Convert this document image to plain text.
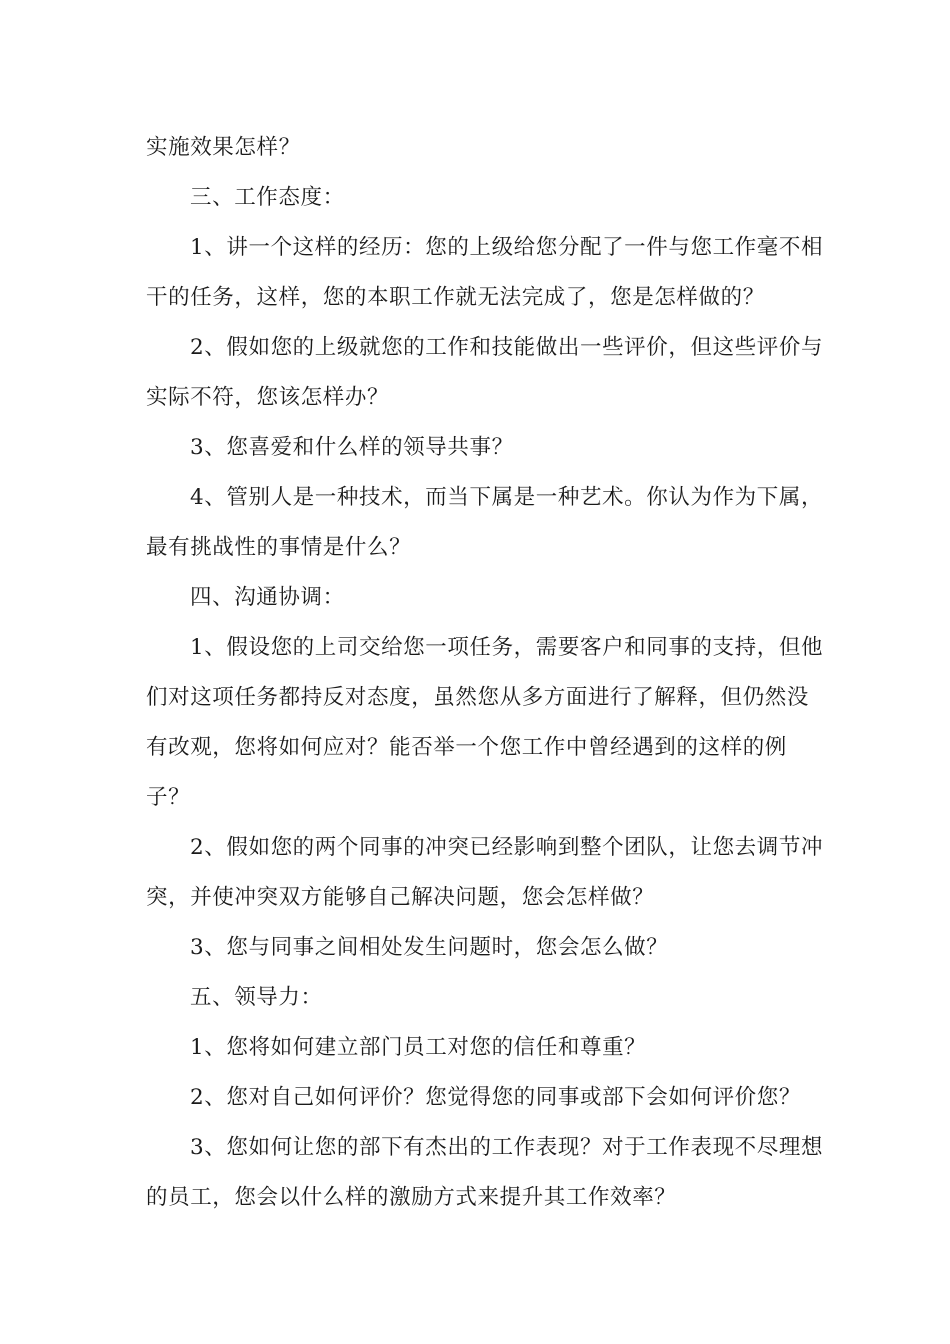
实施效果怎样？

三、工作态度：

1、讲一个这样的经历：您的上级给您分配了一件与您工作毫不相干的任务，这样，您的本职工作就无法完成了，您是怎样做的？

2、假如您的上级就您的工作和技能做出一些评价，但这些评价与实际不符，您该怎样办？

3、您喜爱和什么样的领导共事？

4、管别人是一种技术，而当下属是一种艺术。你认为作为下属，最有挑战性的事情是什么？

四、沟通协调：

1、假设您的上司交给您一项任务，需要客户和同事的支持，但他们对这项任务都持反对态度，虽然您从多方面进行了解释，但仍然没有改观，您将如何应对？能否举一个您工作中曾经遇到的这样的例子？

2、假如您的两个同事的冲突已经影响到整个团队，让您去调节冲突，并使冲突双方能够自己解决问题，您会怎样做？

3、您与同事之间相处发生问题时，您会怎么做？

五、领导力：

1、您将如何建立部门员工对您的信任和尊重？

2、您对自己如何评价？您觉得您的同事或部下会如何评价您？

3、您如何让您的部下有杰出的工作表现？对于工作表现不尽理想的员工，您会以什么样的激励方式来提升其工作效率？
